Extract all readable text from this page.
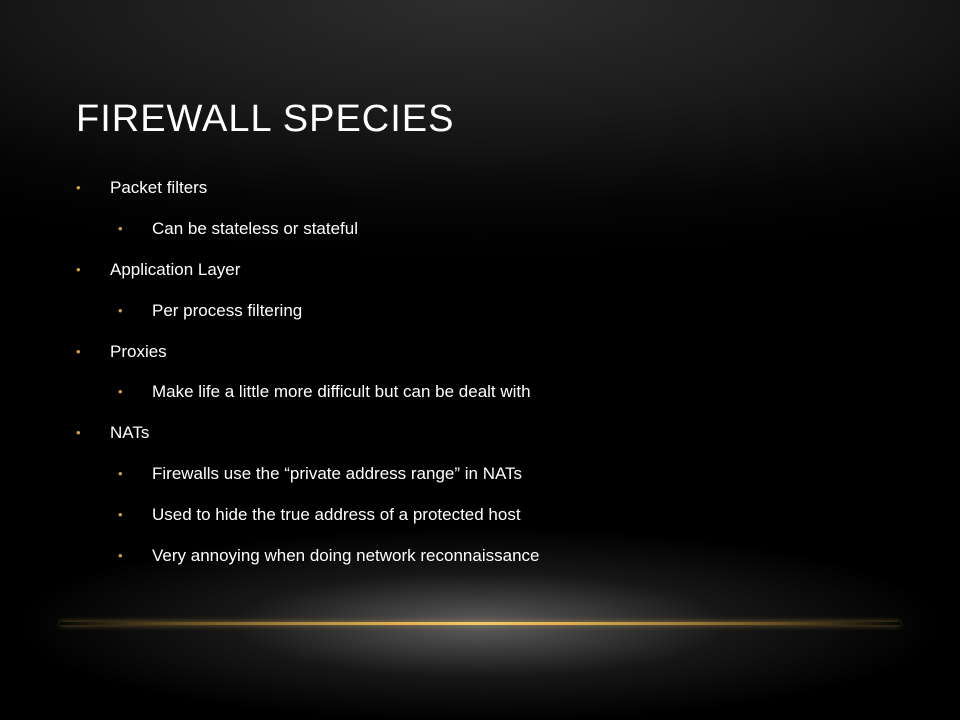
FIREWALL SPECIES
• Packet filters
• Can be stateless or stateful
• Application Layer
• Per process filtering
• Proxies
• Make life a little more difficult but can be dealt with
• NATs
• Firewalls use the “private address range” in NATs
• Used to hide the true address of a protected host
• Very annoying when doing network reconnaissance
